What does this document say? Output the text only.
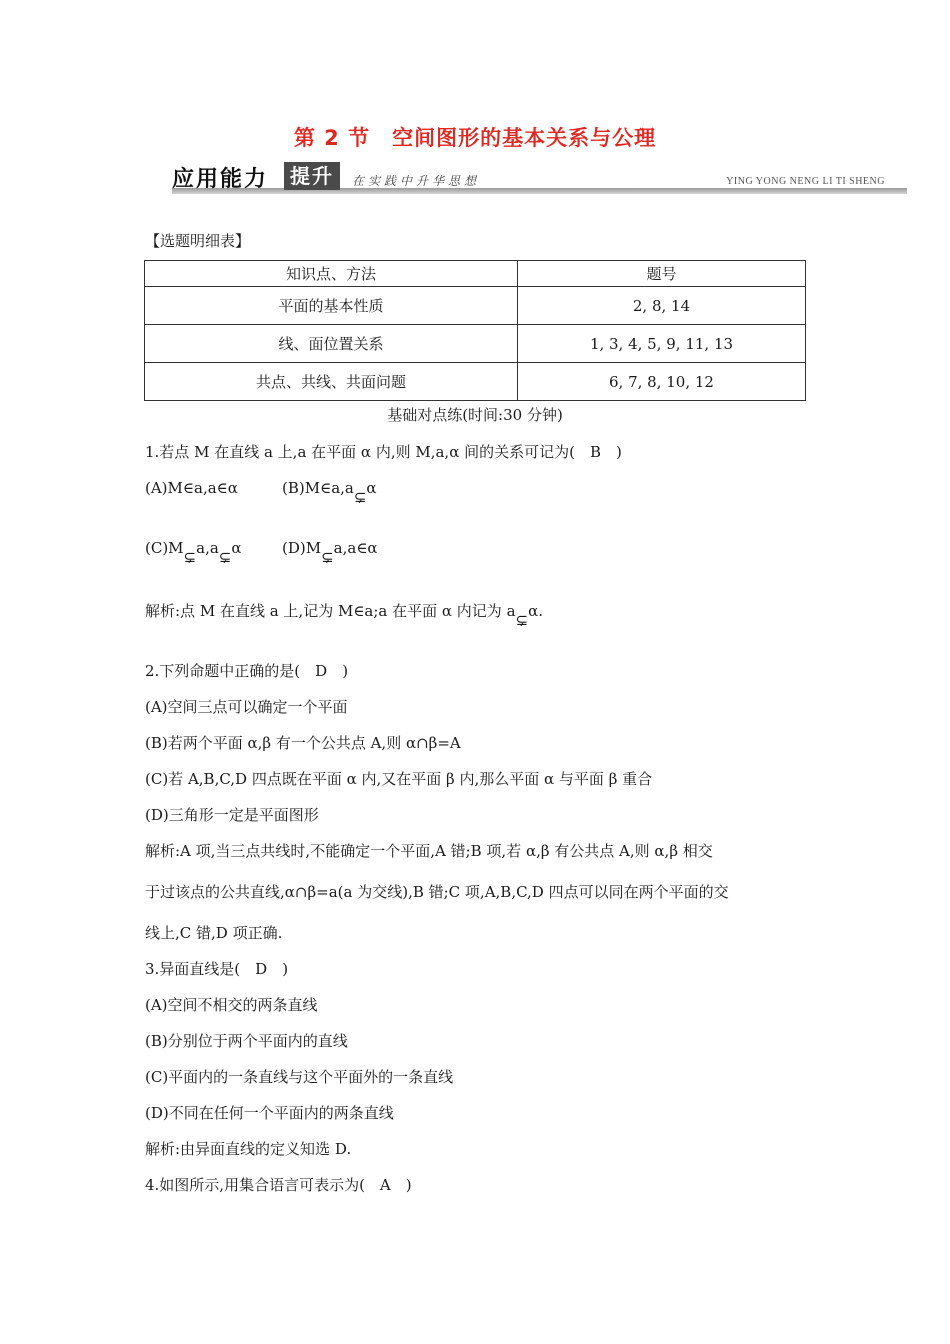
第 2 节　空间图形的基本关系与公理
应用能力	提升	在实践中升华思想	YING YONG NENG LI TI SHENG
【选题明细表】
知识点、方法	题号
平面的基本性质	2, 8, 14
线、面位置关系	1, 3, 4, 5, 9, 11, 13
共点、共线、共面问题	6, 7, 8, 10, 12
基础对点练(时间:30 分钟)
1.若点 M 在直线 a 上,a 在平面 α 内,则 M,a,α 间的关系可记为(　B　)
(A)M∈a,a∈α	(B)M∈a,a⊊α
(C)M⊊a,a⊊α	(D)M⊊a,a∈α
解析:点 M 在直线 a 上,记为 M∈a;a 在平面 α 内记为 a⊊α.
2.下列命题中正确的是(　D　)
(A)空间三点可以确定一个平面
(B)若两个平面 α,β 有一个公共点 A,则 α∩β=A
(C)若 A,B,C,D 四点既在平面 α 内,又在平面 β 内,那么平面 α 与平面 β 重合
(D)三角形一定是平面图形
解析:A 项,当三点共线时,不能确定一个平面,A 错;B 项,若 α,β 有公共点 A,则 α,β 相交
于过该点的公共直线,α∩β=a(a 为交线),B 错;C 项,A,B,C,D 四点可以同在两个平面的交
线上,C 错,D 项正确.
3.异面直线是(　D　)
(A)空间不相交的两条直线
(B)分别位于两个平面内的直线
(C)平面内的一条直线与这个平面外的一条直线
(D)不同在任何一个平面内的两条直线
解析:由异面直线的定义知选 D.
4.如图所示,用集合语言可表示为(　A　)
